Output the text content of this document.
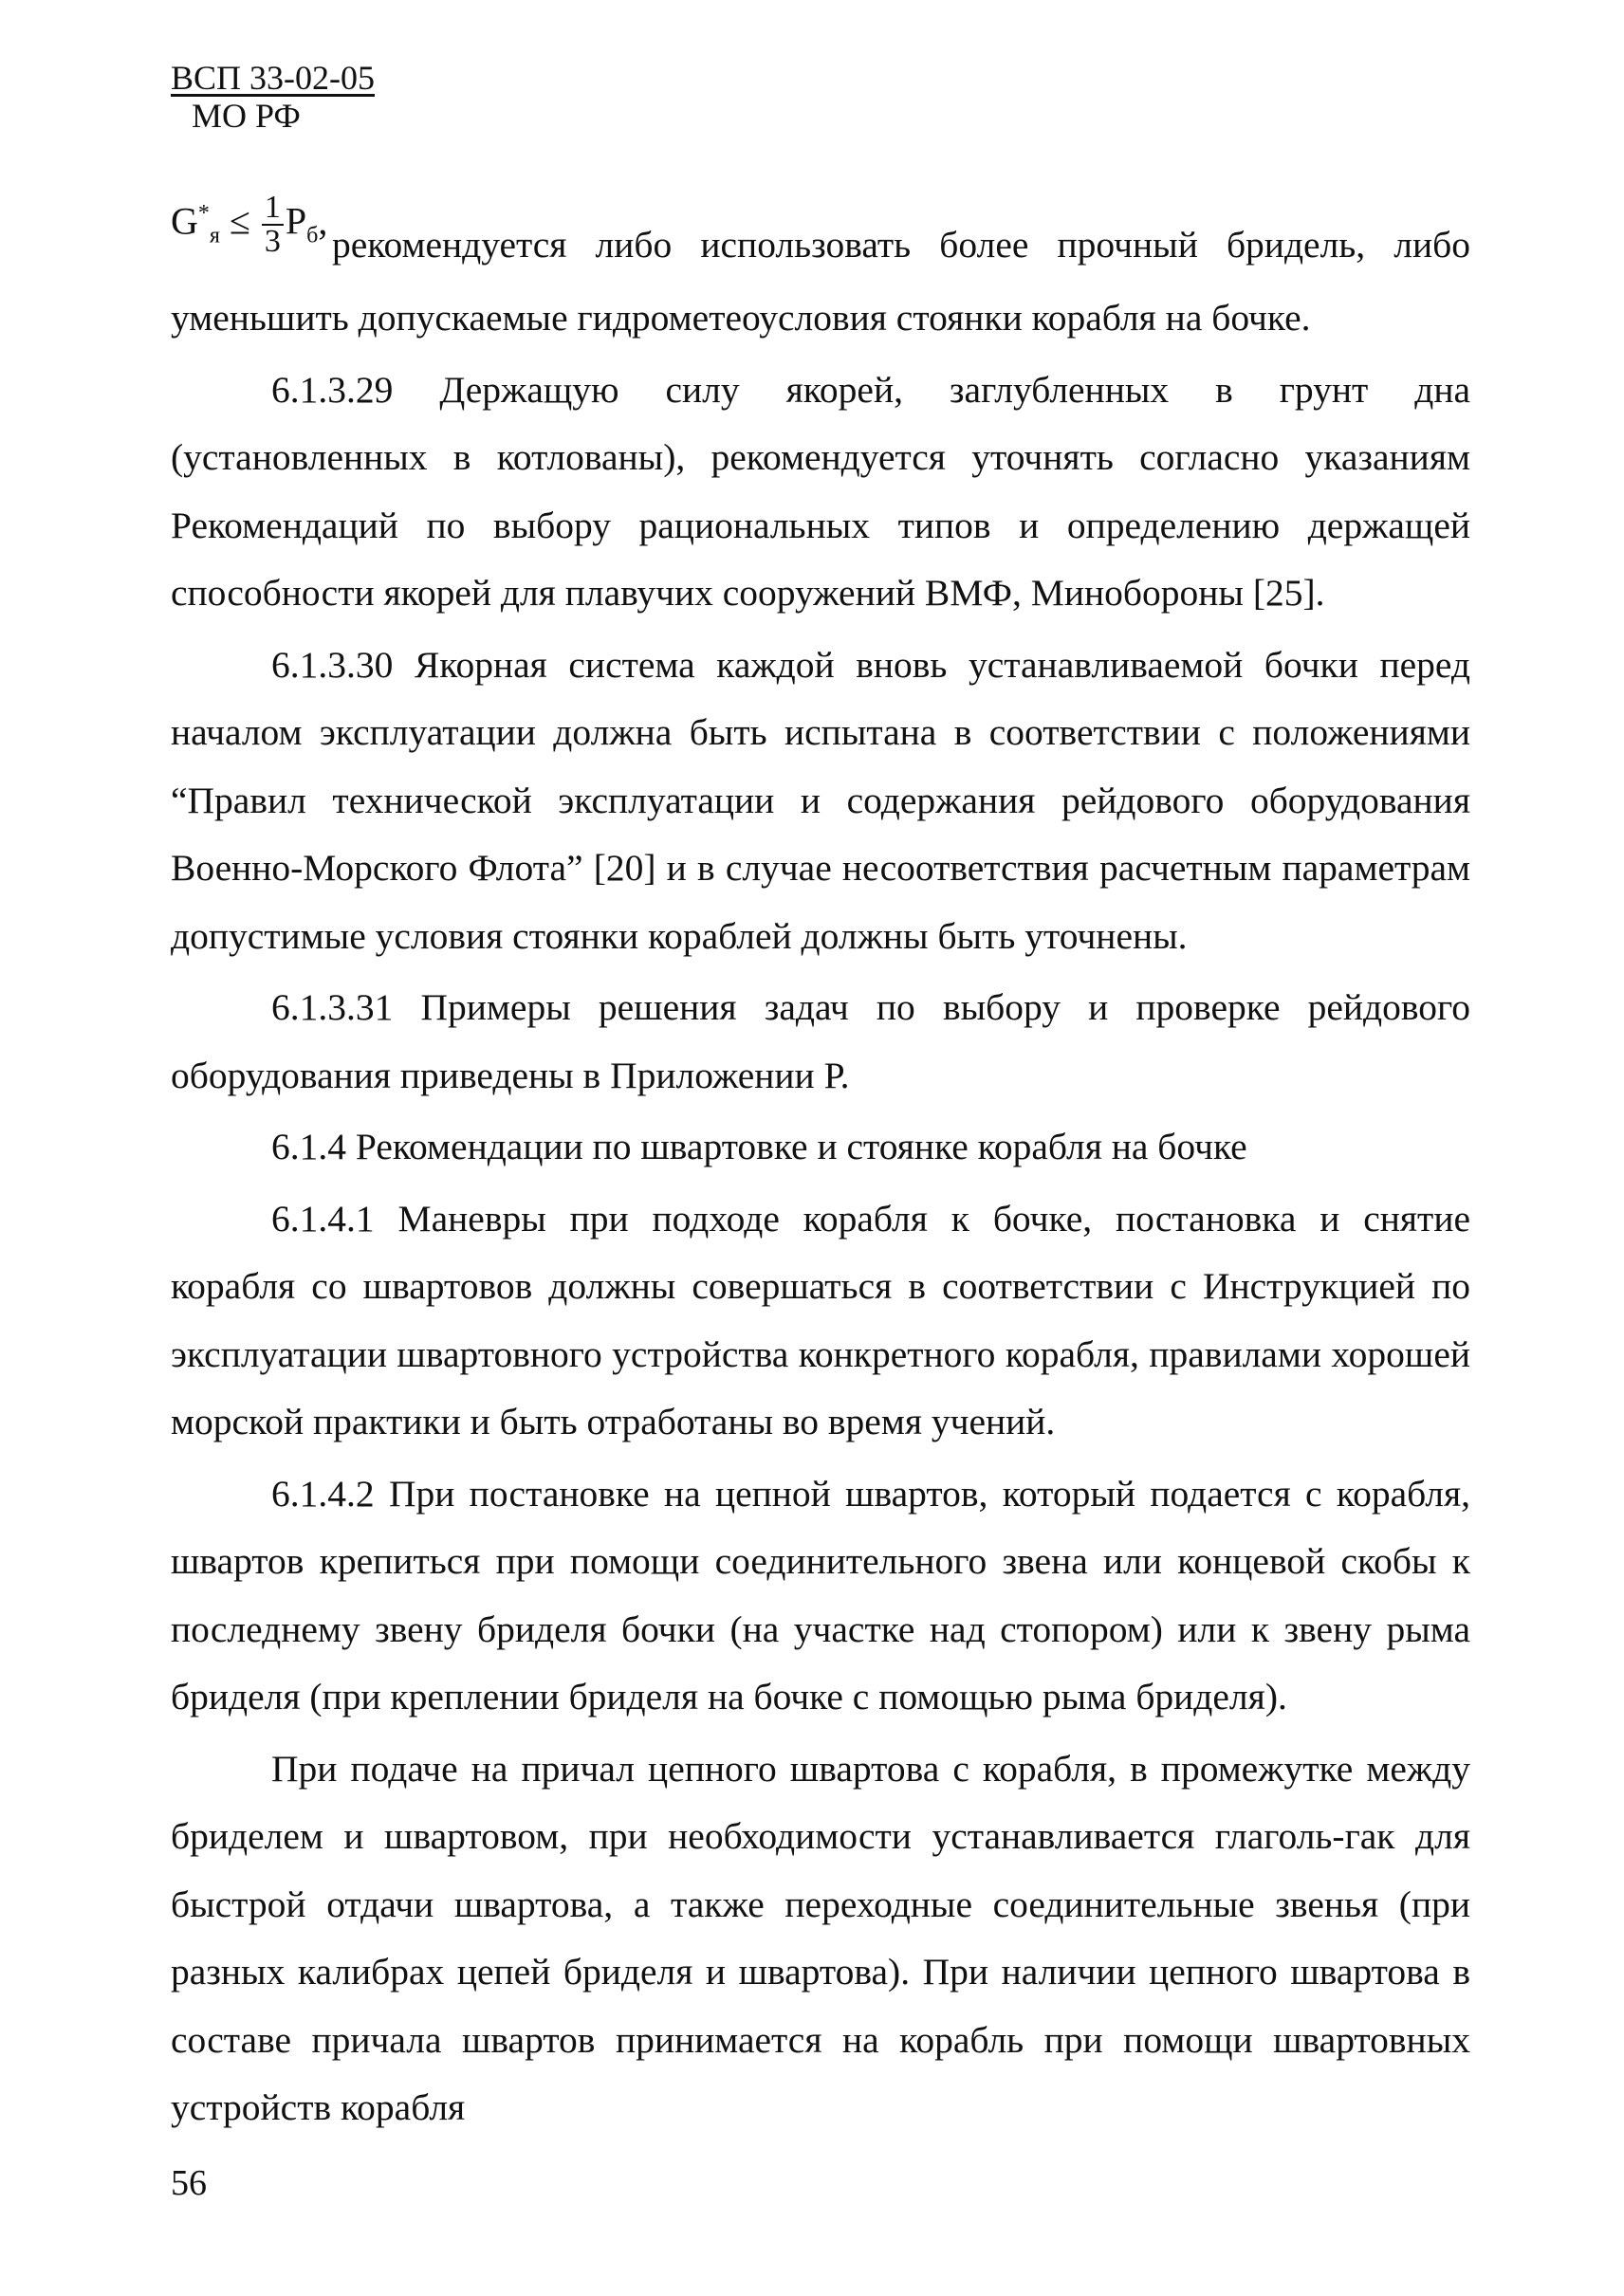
ВСП 33-02-05
МО РФ
$G^*_я \le \frac{1}{3} P_б$,
рекомендуется либо использовать более прочный бридель, либо

уменьшить допускаемые гидрометеоусловия стоянки корабля на бочке.

6.1.3.29 Держащую силу якорей, заглубленных в грунт дна (установленных в котлованы), рекомендуется уточнять согласно указаниям Рекомендаций по выбору рациональных типов и определению держащей способности якорей для плавучих сооружений ВМФ, Минобороны [25].

6.1.3.30 Якорная система каждой вновь устанавливаемой бочки перед началом эксплуатации должна быть испытана в соответствии с положениями “Правил технической эксплуатации и содержания рейдового оборудования Военно-Морского Флота” [20] и в случае несоответствия расчетным параметрам допустимые условия стоянки кораблей должны быть уточнены.

6.1.3.31 Примеры решения задач по выбору и проверке рейдового оборудования приведены в Приложении Р.

6.1.4 Рекомендации по швартовке и стоянке корабля на бочке

6.1.4.1 Маневры при подходе корабля к бочке, постановка и снятие корабля со швартовов должны совершаться в соответствии с Инструкцией по эксплуатации швартовного устройства конкретного корабля, правилами хорошей морской практики и быть отработаны во время учений.

6.1.4.2 При постановке на цепной швартов, который подается с корабля, швартов крепиться при помощи соединительного звена или концевой скобы к последнему звену бриделя бочки (на участке над стопором) или к звену рыма бриделя (при креплении бриделя на бочке с помощью рыма бриделя).

При подаче на причал цепного швартова с корабля, в промежутке между бриделем и швартовом, при необходимости устанавливается глаголь-гак для быстрой отдачи швартова, а также переходные соединительные звенья (при разных калибрах цепей бриделя и швартова). При наличии цепного швартова в составе причала швартов принимается на корабль при помощи швартовных устройств корабля

56
